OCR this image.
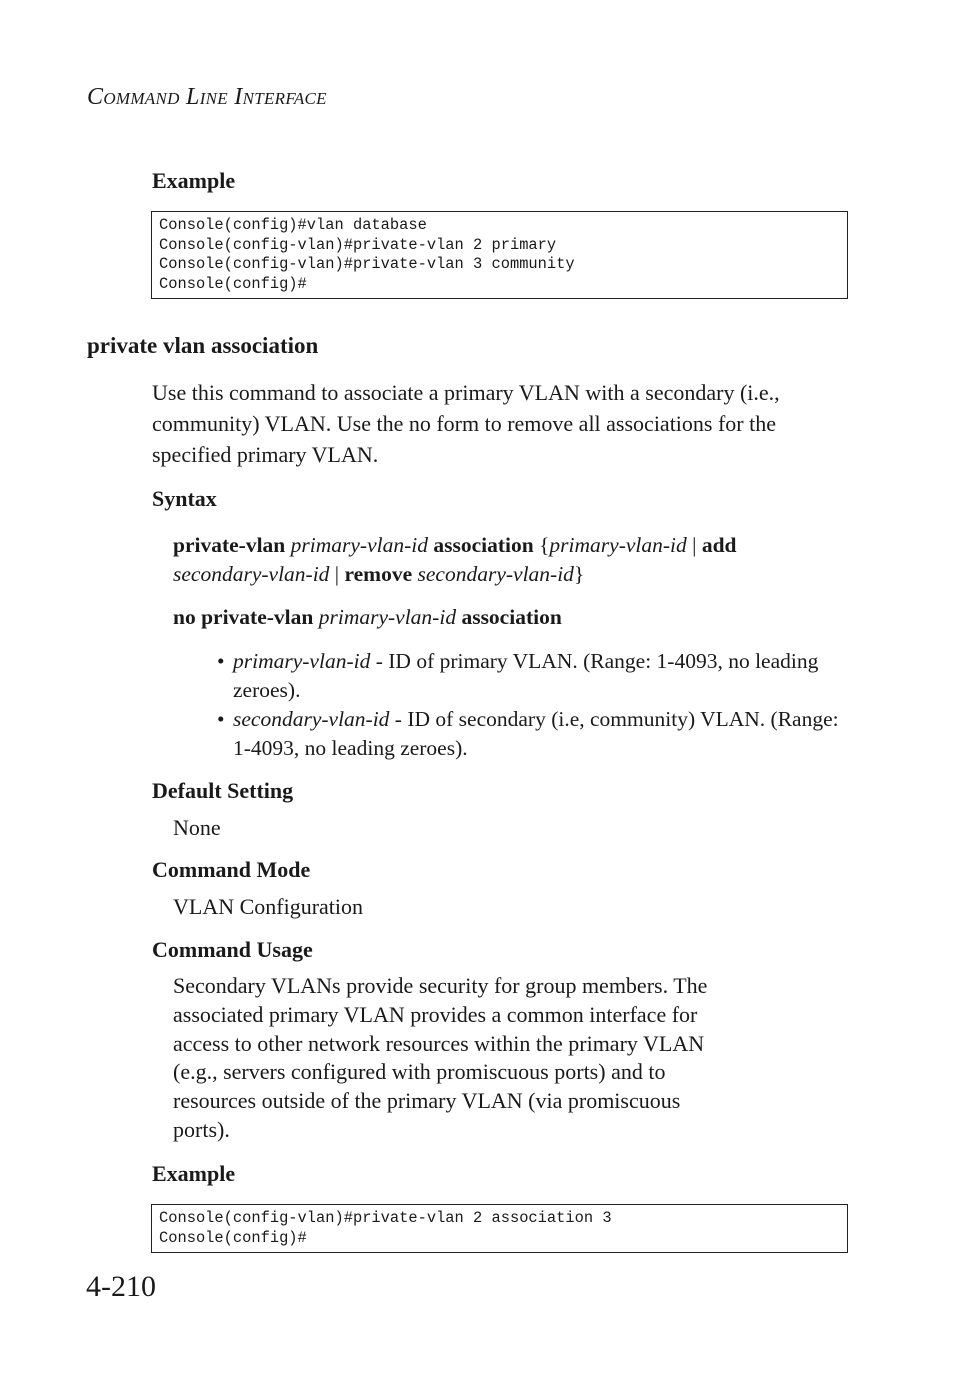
COMMAND LINE INTERFACE
Example
Console(config)#vlan database
Console(config-vlan)#private-vlan 2 primary
Console(config-vlan)#private-vlan 3 community
Console(config)#
private vlan association
Use this command to associate a primary VLAN with a secondary (i.e.,
community) VLAN. Use the no form to remove all associations for the
specified primary VLAN.
Syntax
private-vlan primary-vlan-id association {primary-vlan-id | add
secondary-vlan-id | remove secondary-vlan-id}
no private-vlan primary-vlan-id association
• primary-vlan-id - ID of primary VLAN. (Range: 1-4093, no leading
zeroes).
• secondary-vlan-id - ID of secondary (i.e, community) VLAN. (Range:
1-4093, no leading zeroes).
Default Setting
None
Command Mode
VLAN Configuration
Command Usage
Secondary VLANs provide security for group members. The
associated primary VLAN provides a common interface for
access to other network resources within the primary VLAN
(e.g., servers configured with promiscuous ports) and to
resources outside of the primary VLAN (via promiscuous
ports).
Example
Console(config-vlan)#private-vlan 2 association 3
Console(config)#
4-210
